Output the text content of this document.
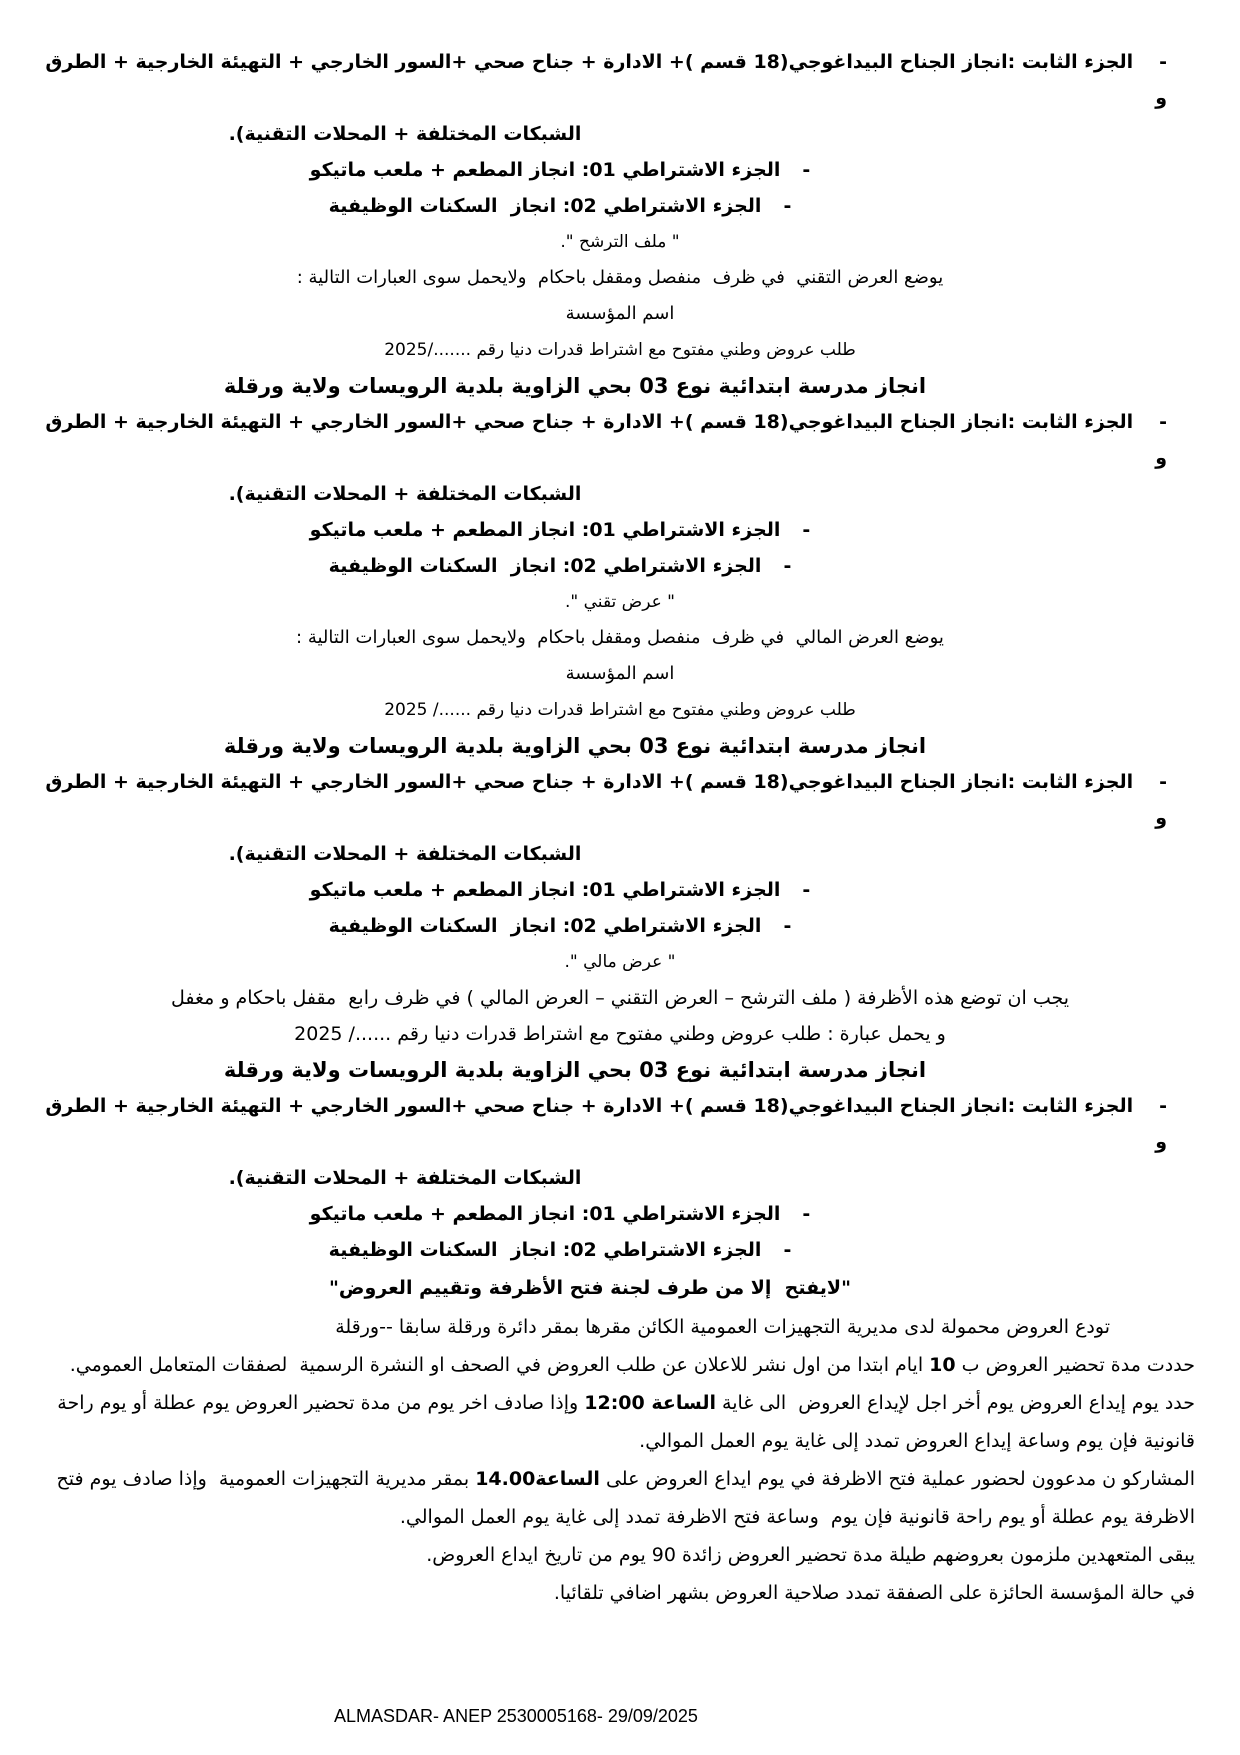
-الجزء الثابت :انجاز الجناح البيداغوجي(18 قسم )+ الادارة + جناح صحي +السور الخارجي + التهيئة الخارجية + الطرق و
الشبكات المختلفة + المحلات التقنية).
-الجزء الاشتراطي 01: انجاز المطعم + ملعب ماتيكو
-الجزء الاشتراطي 02: انجاز  السكنات الوظيفية
" ملف الترشح ".
يوضع العرض التقني  في ظرف  منفصل ومقفل باحكام  ولايحمل سوى العبارات التالية :
اسم المؤسسة
طلب عروض وطني مفتوح مع اشتراط قدرات دنيا رقم ......./2025
انجاز مدرسة ابتدائية نوع 03 بحي الزاوية بلدية الرويسات ولاية ورقلة
-الجزء الثابت :انجاز الجناح البيداغوجي(18 قسم )+ الادارة + جناح صحي +السور الخارجي + التهيئة الخارجية + الطرق و
الشبكات المختلفة + المحلات التقنية).
-الجزء الاشتراطي 01: انجاز المطعم + ملعب ماتيكو
-الجزء الاشتراطي 02: انجاز  السكنات الوظيفية
" عرض تقني ".
يوضع العرض المالي  في ظرف  منفصل ومقفل باحكام  ولايحمل سوى العبارات التالية :
اسم المؤسسة
طلب عروض وطني مفتوح مع اشتراط قدرات دنيا رقم ....../ 2025
انجاز مدرسة ابتدائية نوع 03 بحي الزاوية بلدية الرويسات ولاية ورقلة
-الجزء الثابت :انجاز الجناح البيداغوجي(18 قسم )+ الادارة + جناح صحي +السور الخارجي + التهيئة الخارجية + الطرق و
الشبكات المختلفة + المحلات التقنية).
-الجزء الاشتراطي 01: انجاز المطعم + ملعب ماتيكو
-الجزء الاشتراطي 02: انجاز  السكنات الوظيفية
" عرض مالي ".
يجب ان توضع هذه الأظرفة ( ملف الترشح – العرض التقني – العرض المالي ) في ظرف رابع  مقفل باحكام و مغفل
و يحمل عبارة : طلب عروض وطني مفتوح مع اشتراط قدرات دنيا رقم ....../ 2025
انجاز مدرسة ابتدائية نوع 03 بحي الزاوية بلدية الرويسات ولاية ورقلة
-الجزء الثابت :انجاز الجناح البيداغوجي(18 قسم )+ الادارة + جناح صحي +السور الخارجي + التهيئة الخارجية + الطرق و
الشبكات المختلفة + المحلات التقنية).
-الجزء الاشتراطي 01: انجاز المطعم + ملعب ماتيكو
-الجزء الاشتراطي 02: انجاز  السكنات الوظيفية
"لايفتح  إلا من طرف لجنة فتح الأظرفة وتقييم العروض"

تودع العروض محمولة لدى مديرية التجهيزات العمومية الكائن مقرها بمقر دائرة ورقلة سابقا --ورقلة

حددت مدة تحضير العروض ب 10 ايام ابتدا من اول نشر للاعلان عن طلب العروض في الصحف او النشرة الرسمية  لصفقات المتعامل العمومي.

حدد يوم إيداع العروض يوم أخر اجل لإيداع العروض  الى غاية الساعة 12:00 وإذا صادف اخر يوم من مدة تحضير العروض يوم عطلة أو يوم راحة قانونية فإن يوم وساعة إيداع العروض تمدد إلى غاية يوم العمل الموالي.

المشاركو ن مدعوون لحضور عملية فتح الاظرفة في يوم ايداع العروض على الساعة14.00 بمقر مديرية التجهيزات العمومية  وإذا صادف يوم فتح الاظرفة يوم عطلة أو يوم راحة قانونية فإن يوم  وساعة فتح الاظرفة تمدد إلى غاية يوم العمل الموالي.

يبقى المتعهدين ملزمون بعروضهم طيلة مدة تحضير العروض زائدة 90 يوم من تاريخ ايداع العروض.

في حالة المؤسسة الحائزة على الصفقة تمدد صلاحية العروض بشهر اضافي تلقائيا.

ALMASDAR- ANEP 2530005168- 29/09/2025
